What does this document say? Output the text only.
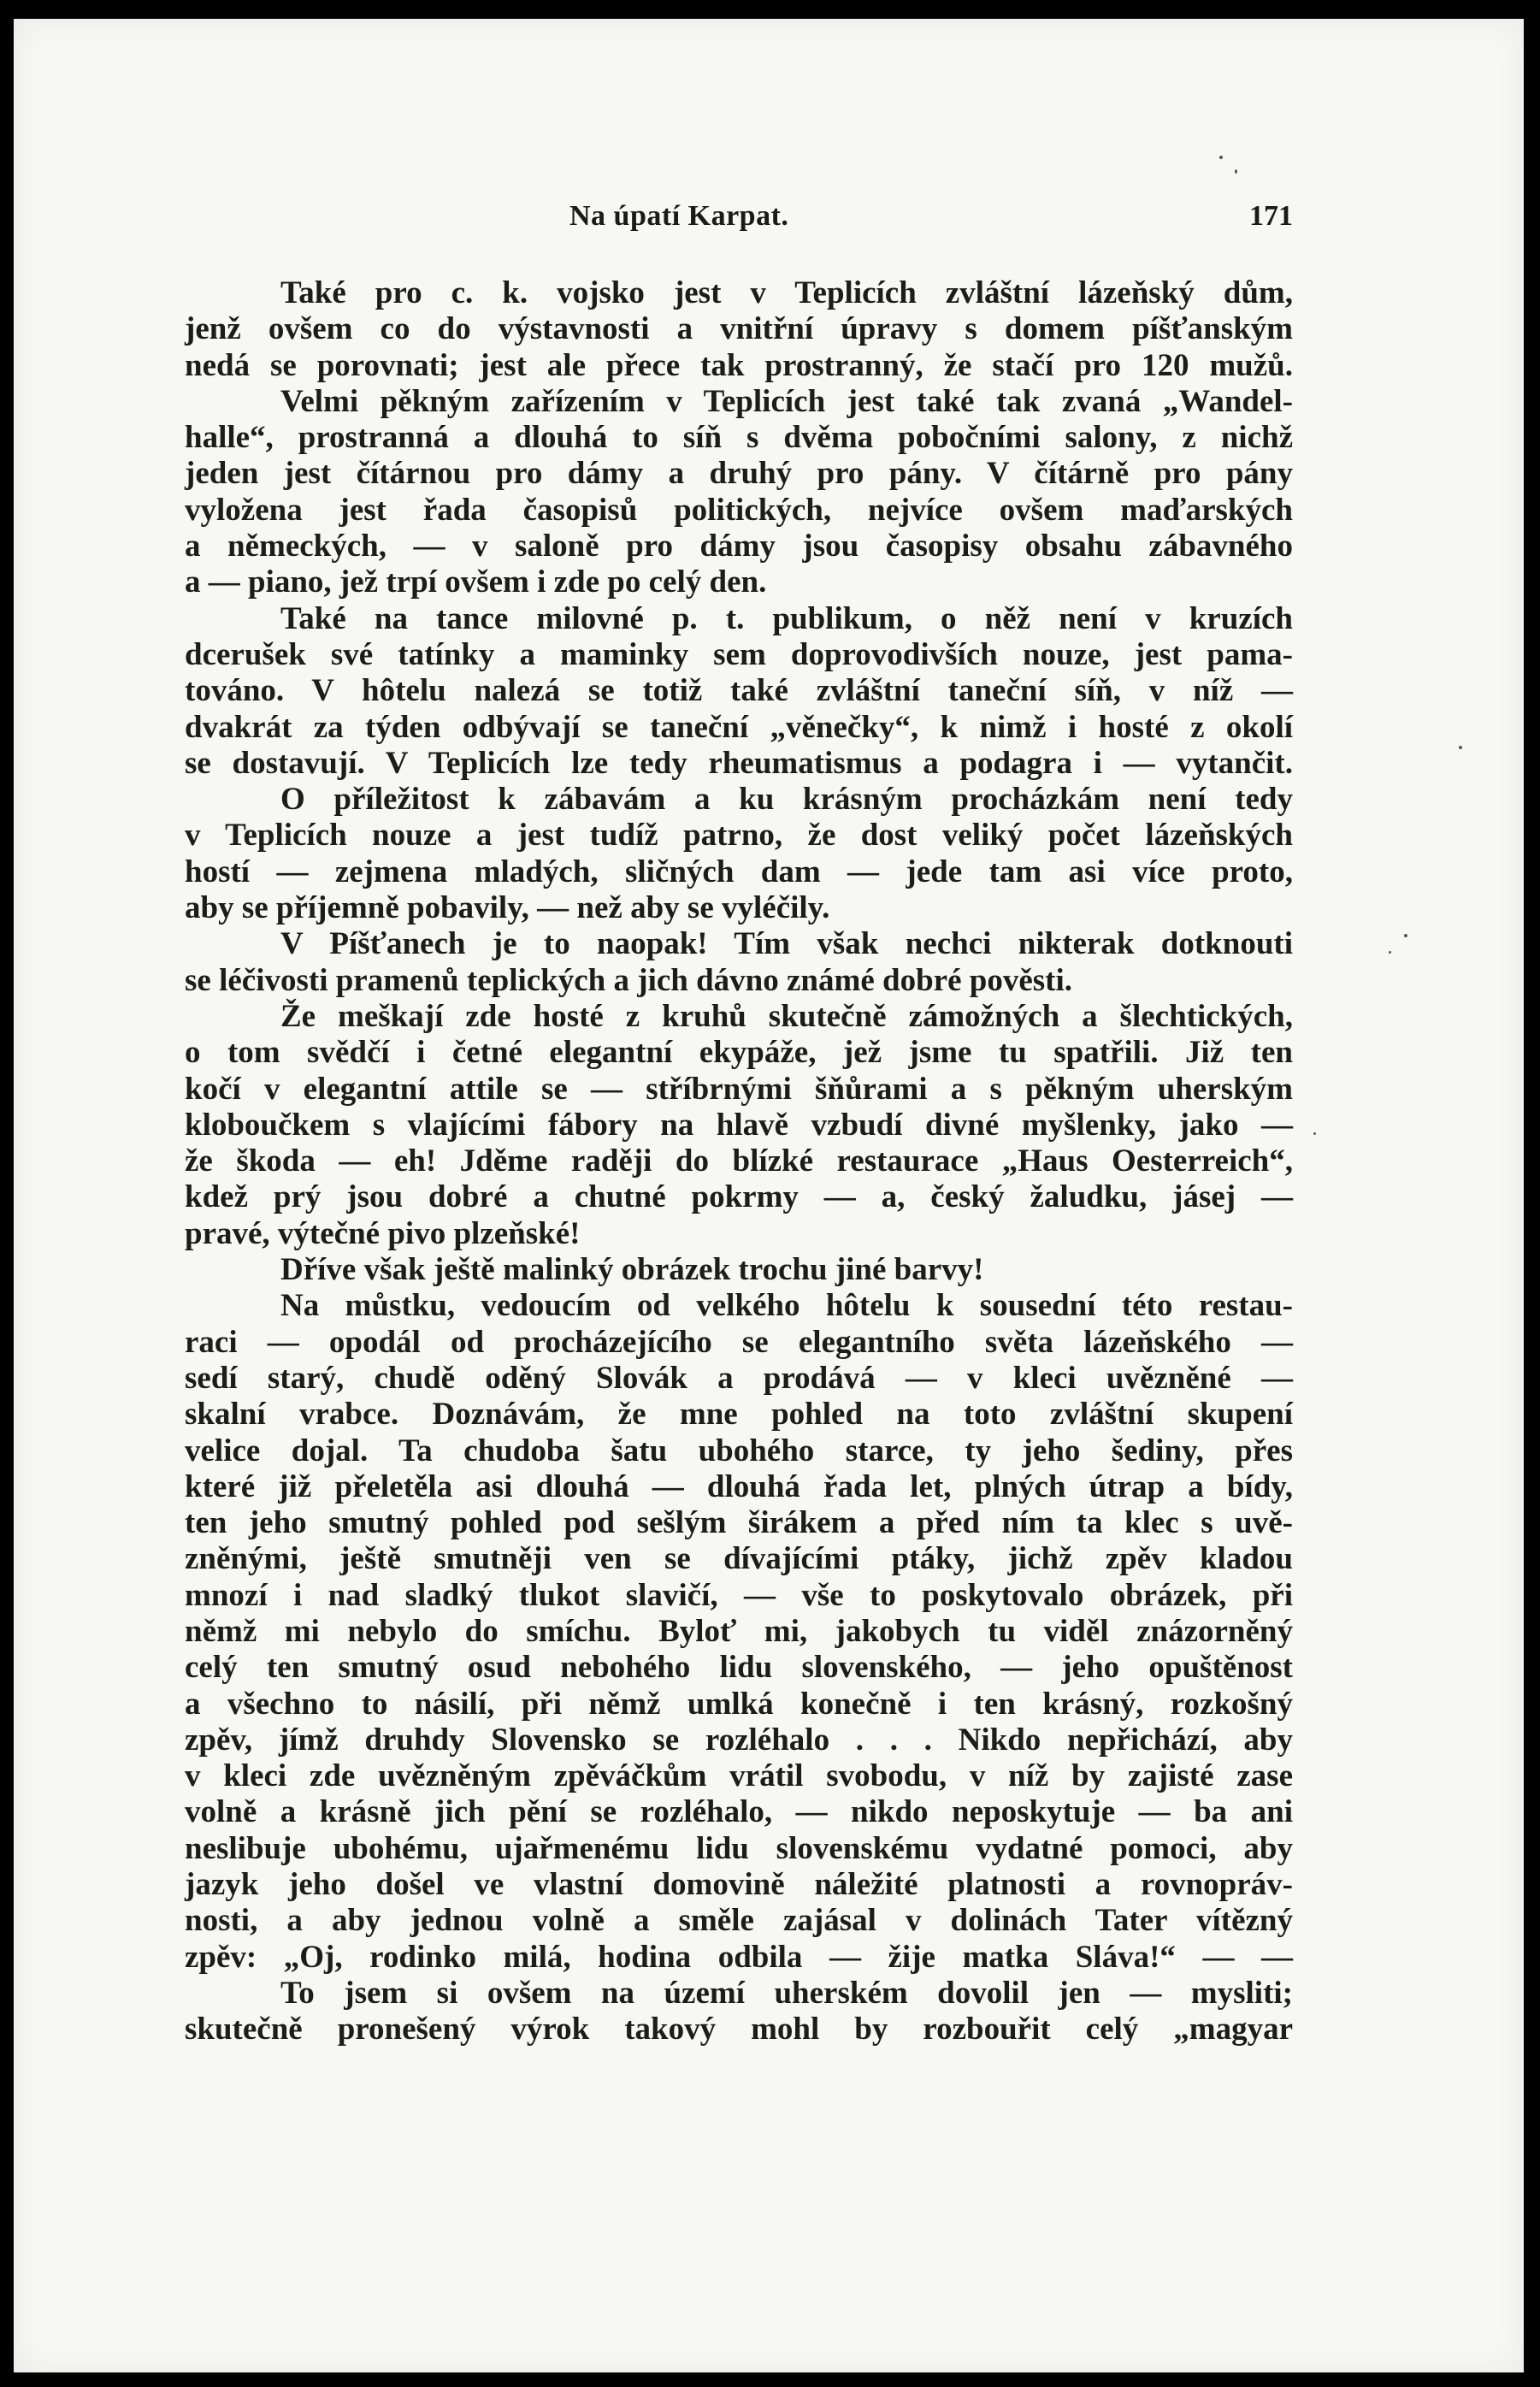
Na úpatí Karpat.	171
Také pro c. k. vojsko jest v Teplicích zvláštní lázeňský dům,
jenž ovšem co do výstavnosti a vnitřní úpravy s domem píšťanským
nedá se porovnati; jest ale přece tak prostranný, že stačí pro 120 mužů.
Velmi pěkným zařízením v Teplicích jest také tak zvaná „Wandel-
halle“, prostranná a dlouhá to síň s dvěma pobočními salony, z nichž
jeden jest čítárnou pro dámy a druhý pro pány. V čítárně pro pány
vyložena jest řada časopisů politických, nejvíce ovšem maďarských
a německých, — v saloně pro dámy jsou časopisy obsahu zábavného
a — piano, jež trpí ovšem i zde po celý den.
Také na tance milovné p. t. publikum, o něž není v kruzích
dcerušek své tatínky a maminky sem doprovodivších nouze, jest pama-
továno. V hôtelu nalezá se totiž také zvláštní taneční síň, v níž —
dvakrát za týden odbývají se taneční „věnečky“, k nimž i hosté z okolí
se dostavují. V Teplicích lze tedy rheumatismus a podagra i — vytančit.
O příležitost k zábavám a ku krásným procházkám není tedy
v Teplicích nouze a jest tudíž patrno, že dost veliký počet lázeňských
hostí — zejmena mladých, sličných dam — jede tam asi více proto,
aby se příjemně pobavily, — než aby se vyléčily.
V Píšťanech je to naopak! Tím však nechci nikterak dotknouti
se léčivosti pramenů teplických a jich dávno známé dobré pověsti.
Že meškají zde hosté z kruhů skutečně zámožných a šlechtických,
o tom svědčí i četné elegantní ekypáže, jež jsme tu spatřili. Již ten
kočí v elegantní attile se — stříbrnými šňůrami a s pěkným uherským
kloboučkem s vlajícími fábory na hlavě vzbudí divné myšlenky, jako —
že škoda — eh! Jděme raději do blízké restaurace „Haus Oesterreich“,
kdež prý jsou dobré a chutné pokrmy — a, český žaludku, jásej —
pravé, výtečné pivo plzeňské!
Dříve však ještě malinký obrázek trochu jiné barvy!
Na můstku, vedoucím od velkého hôtelu k sousední této restau-
raci — opodál od procházejícího se elegantního světa lázeňského —
sedí starý, chudě oděný Slovák a prodává — v kleci uvězněné —
skalní vrabce. Doznávám, že mne pohled na toto zvláštní skupení
velice dojal. Ta chudoba šatu ubohého starce, ty jeho šediny, přes
které již přeletěla asi dlouhá — dlouhá řada let, plných útrap a bídy,
ten jeho smutný pohled pod sešlým širákem a před ním ta klec s uvě-
zněnými, ještě smutněji ven se dívajícími ptáky, jichž zpěv kladou
mnozí i nad sladký tlukot slavičí, — vše to poskytovalo obrázek, při
němž mi nebylo do smíchu. Byloť mi, jakobych tu viděl znázorněný
celý ten smutný osud nebohého lidu slovenského, — jeho opuštěnost
a všechno to násilí, při němž umlká konečně i ten krásný, rozkošný
zpěv, jímž druhdy Slovensko se rozléhalo . . . Nikdo nepřichází, aby
v kleci zde uvězněným zpěváčkům vrátil svobodu, v níž by zajisté zase
volně a krásně jich pění se rozléhalo, — nikdo neposkytuje — ba ani
neslibuje ubohému, ujařmenému lidu slovenskému vydatné pomoci, aby
jazyk jeho došel ve vlastní domovině náležité platnosti a rovnopráv-
nosti, a aby jednou volně a směle zajásal v dolinách Tater vítězný
zpěv: „Oj, rodinko milá, hodina odbila — žije matka Sláva!“ — —
To jsem si ovšem na území uherském dovolil jen — mysliti;
skutečně pronešený výrok takový mohl by rozbouřit celý „magyar
